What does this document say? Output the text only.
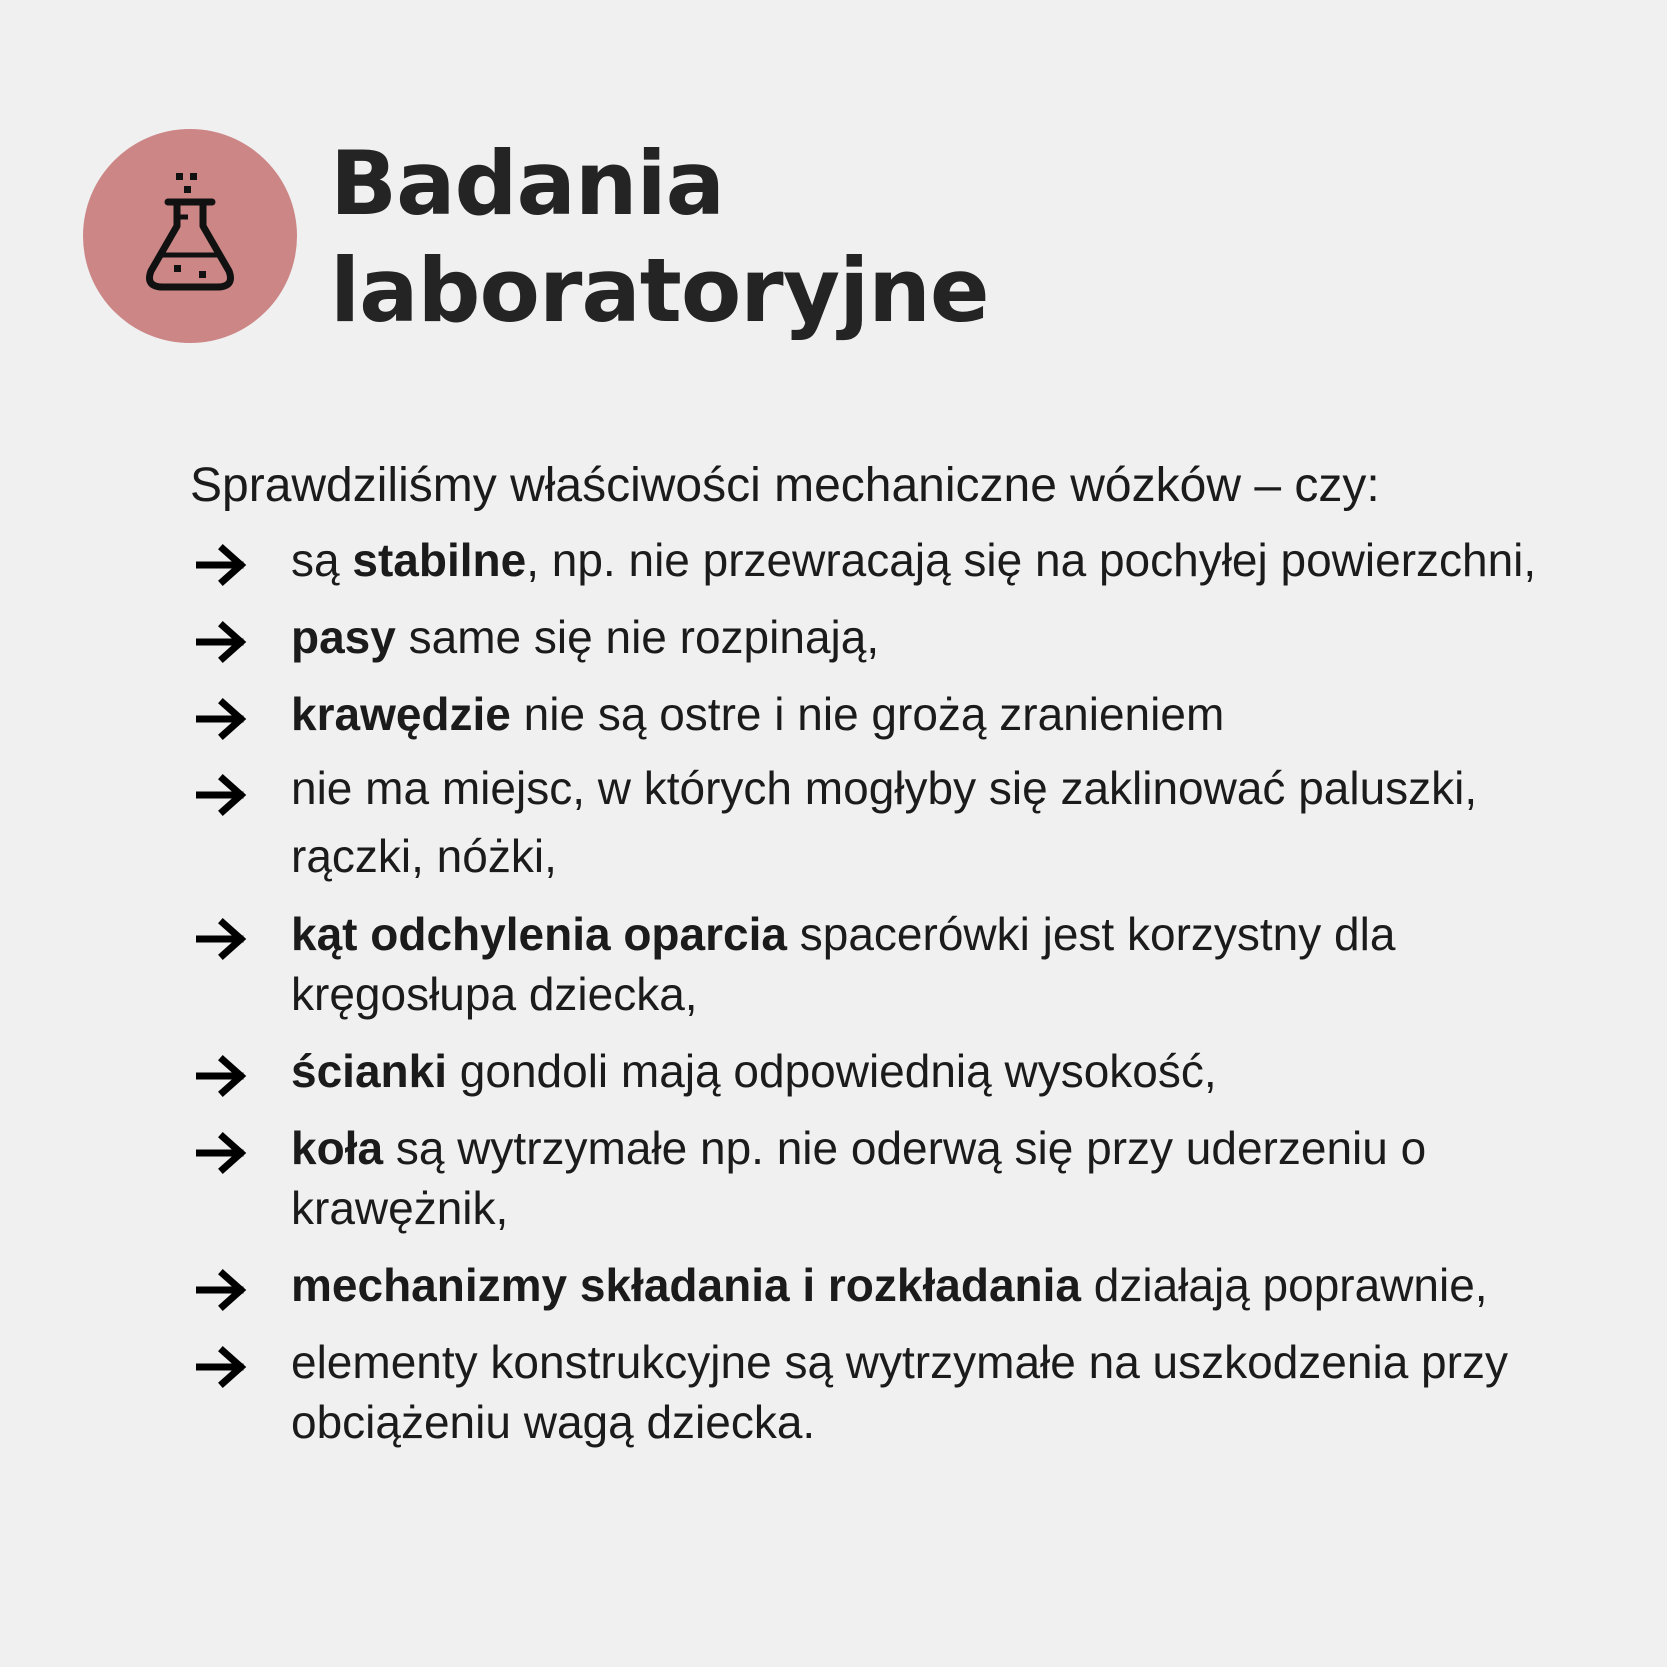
Badania
laboratoryjne

Sprawdziliśmy właściwości mechaniczne wózków – czy:

są stabilne, np. nie przewracają się na pochyłej powierzchni,
pasy same się nie rozpinają,
krawędzie nie są ostre i nie grożą zranieniem
nie ma miejsc, w których mogłyby się zaklinować paluszki, rączki, nóżki,
kąt odchylenia oparcia spacerówki jest korzystny dla kręgosłupa dziecka,
ścianki gondoli mają odpowiednią wysokość,
koła są wytrzymałe np. nie oderwą się przy uderzeniu o krawężnik,
mechanizmy składania i rozkładania działają poprawnie,
elementy konstrukcyjne są wytrzymałe na uszkodzenia przy obciążeniu wagą dziecka.
